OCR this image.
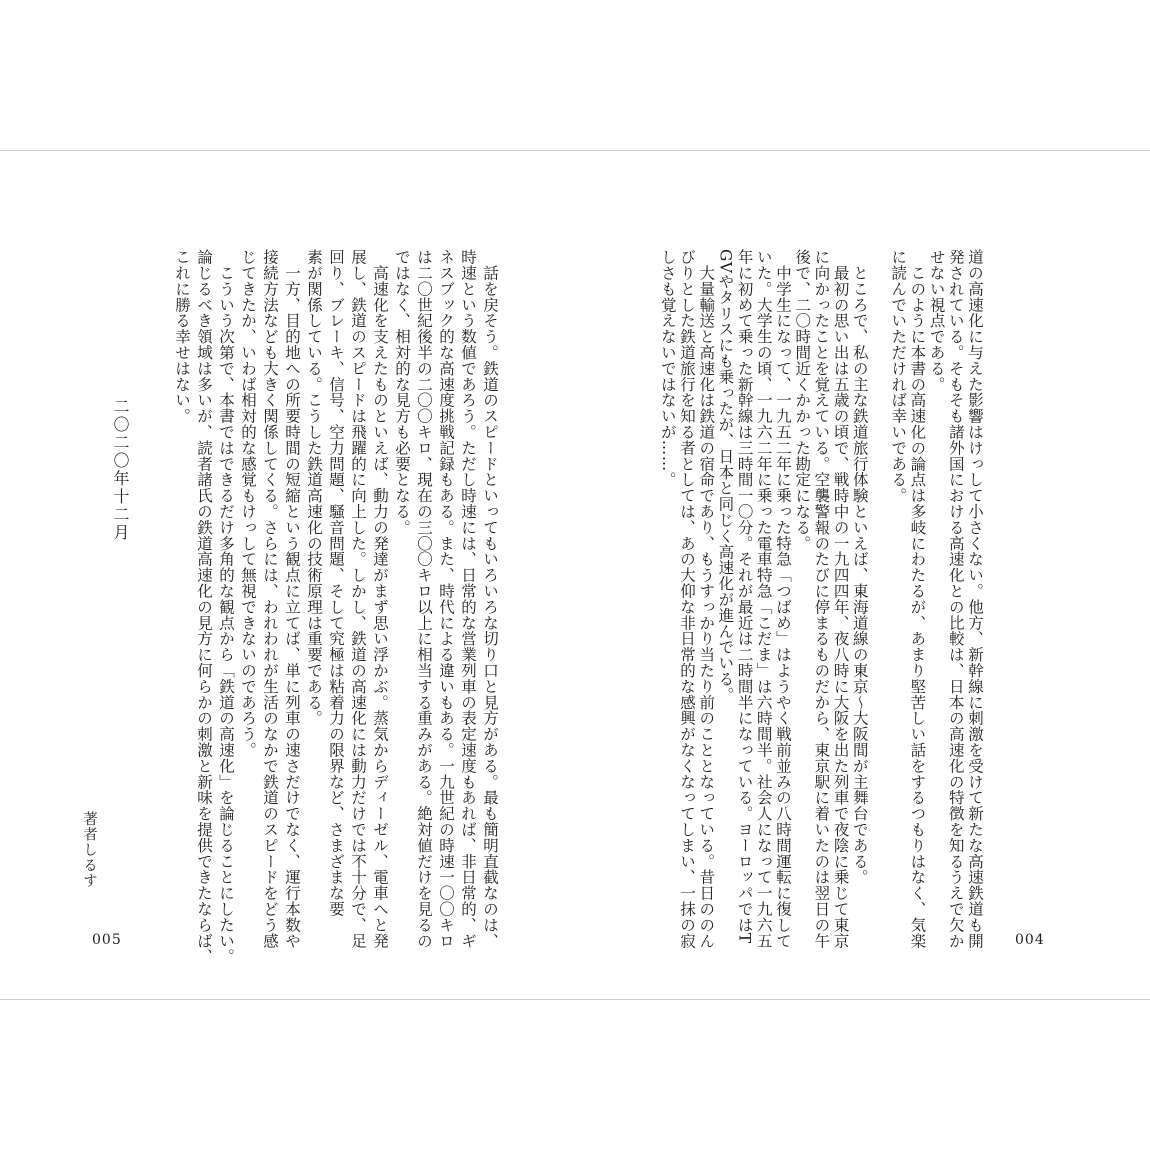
　話を戻そう。鉄道のスピードといってもいろいろな切り口と見方がある。最も簡明直截なのは、
時速という数値であろう。ただし時速には、日常的な営業列車の表定速度もあれば、非日常的、ギ
ネスブック的な高速度挑戦記録もある。また、時代による違いもある。一九世紀の時速一〇〇キロ
は二〇世紀後半の二〇〇キロ、現在の三〇〇キロ以上に相当する重みがある。絶対値だけを見るの
ではなく、相対的な見方も必要となる。
　高速化を支えたものといえば、動力の発達がまず思い浮かぶ。蒸気からディーゼル、電車へと発
展し、鉄道のスピードは飛躍的に向上した。しかし、鉄道の高速化には動力だけでは不十分で、足
回り、ブレーキ、信号、空力問題、騒音問題、そして究極は粘着力の限界など、さまざまな要
素が関係している。こうした鉄道高速化の技術原理は重要である。
　一方、目的地への所要時間の短縮という観点に立てば、単に列車の速さだけでなく、運行本数や
接続方法なども大きく関係してくる。さらには、われわれが生活のなかで鉄道のスピードをどう感
じてきたか、いわば相対的な感覚もけっして無視できないのであろう。
　こういう次第で、本書ではできるだけ多角的な観点から「鉄道の高速化」を論じることにしたい。
論じるべき領域は多いが、読者諸氏の鉄道高速化の見方に何らかの刺激と新味を提供できたならば、
これに勝る幸せはない。
二〇二〇年十二月
著者しるす
005	道の高速化に与えた影響はけっして小さくない。他方、新幹線に刺激を受けて新たな高速鉄道も開
発されている。そもそも諸外国における高速化との比較は、日本の高速化の特徴を知るうえで欠か
せない視点である。
　このように本書の高速化の論点は多岐にわたるが、あまり堅苦しい話をするつもりはなく、気楽
に読んでいただければ幸いである。
　ところで、私の主な鉄道旅行体験といえば、東海道線の東京〜大阪間が主舞台である。
　最初の思い出は五歳の頃で、戦時中の一九四四年、夜八時に大阪を出た列車で夜陰に乗じて東京
に向かったことを覚えている。空襲警報のたびに停まるものだから、東京駅に着いたのは翌日の午
後で、二〇時間近くかかった勘定になる。
　中学生になって、一九五二年に乗った特急「つばめ」はようやく戦前並みの八時間運転に復して
いた。大学生の頃、一九六二年に乗った電車特急「こだま」は六時間半。社会人になって一九六五
年に初めて乗った新幹線は三時間一〇分。それが最近は二時間半になっている。ヨーロッパではT
GVやタリスにも乗ったが、日本と同じく高速化が進んでいる。
　大量輸送と高速化は鉄道の宿命であり、もうすっかり当たり前のこととなっている。昔日ののん
びりとした鉄道旅行を知る者としては、あの大仰な非日常的な感興がなくなってしまい、一抹の寂
しさも覚えないではないが……。
004
